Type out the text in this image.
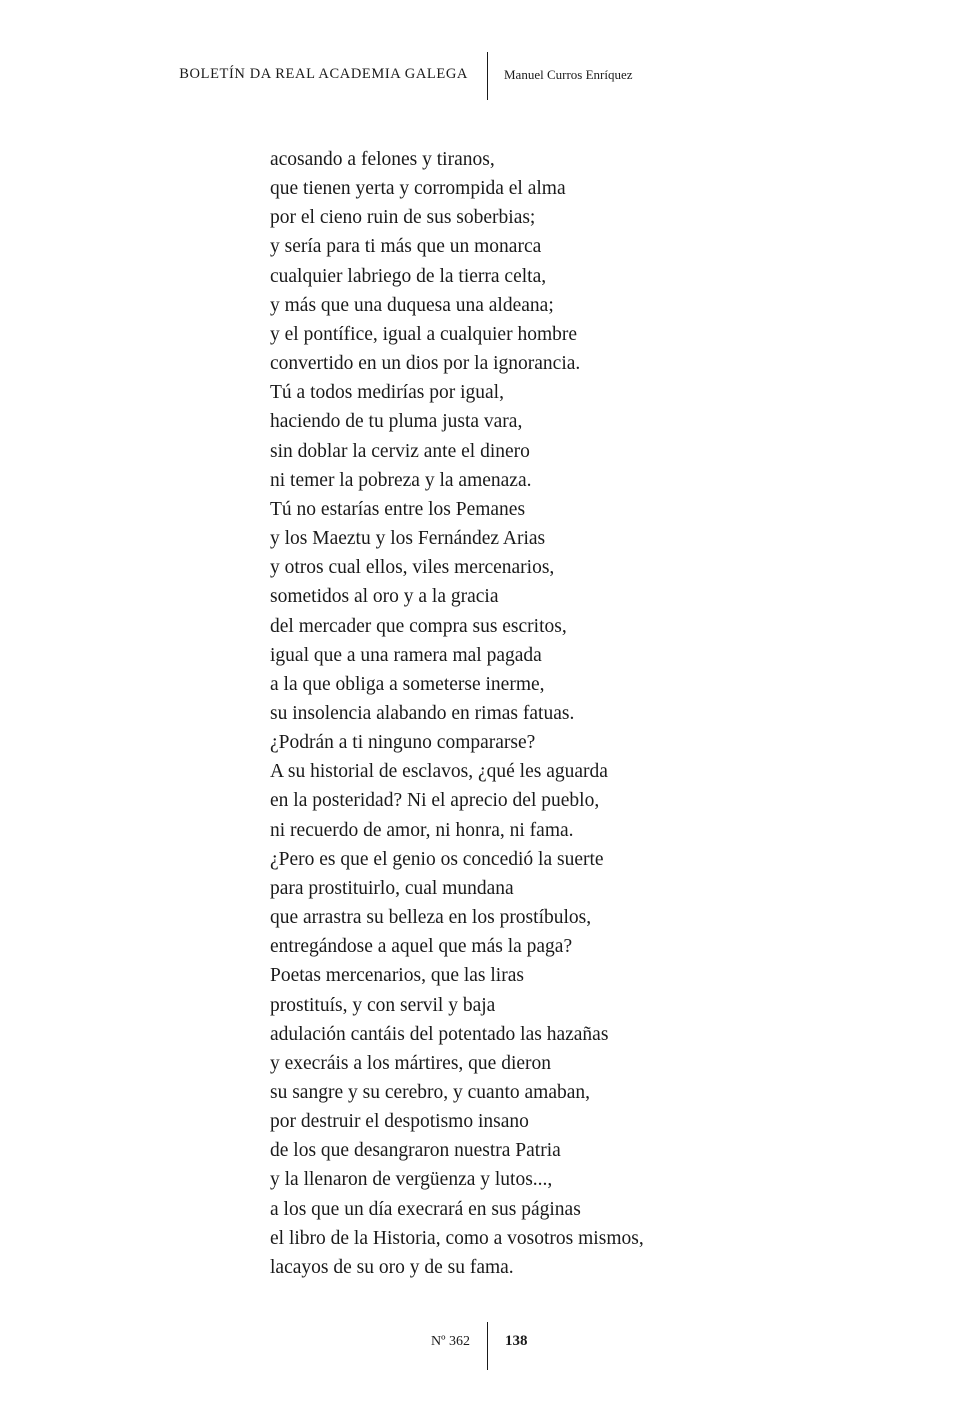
BOLETÍN DA REAL ACADEMIA GALEGA	Manuel Curros Enríquez
acosando a felones y tiranos,
que tienen yerta y corrompida el alma
por el cieno ruin de sus soberbias;
y sería para ti más que un monarca
cualquier labriego de la tierra celta,
y más que una duquesa una aldeana;
y el pontífice, igual a cualquier hombre
convertido en un dios por la ignorancia.
Tú a todos medirías por igual,
haciendo de tu pluma justa vara,
sin doblar la cerviz ante el dinero
ni temer la pobreza y la amenaza.
Tú no estarías entre los Pemanes
y los Maeztu y los Fernández Arias
y otros cual ellos, viles mercenarios,
sometidos al oro y a la gracia
del mercader que compra sus escritos,
igual que a una ramera mal pagada
a la que obliga a someterse inerme,
su insolencia alabando en rimas fatuas.
¿Podrán a ti ninguno compararse?
A su historial de esclavos, ¿qué les aguarda
en la posteridad? Ni el aprecio del pueblo,
ni recuerdo de amor, ni honra, ni fama.
¿Pero es que el genio os concedió la suerte
para prostituirlo, cual mundana
que arrastra su belleza en los prostíbulos,
entregándose a aquel que más la paga?
Poetas mercenarios, que las liras
prostituís, y con servil y baja
adulación cantáis del potentado las hazañas
y execráis a los mártires, que dieron
su sangre y su cerebro, y cuanto amaban,
por destruir el despotismo insano
de los que desangraron nuestra Patria
y la llenaron de vergüenza y lutos...,
a los que un día execrará en sus páginas
el libro de la Historia, como a vosotros mismos,
lacayos de su oro y de su fama.
Nº 362 138
